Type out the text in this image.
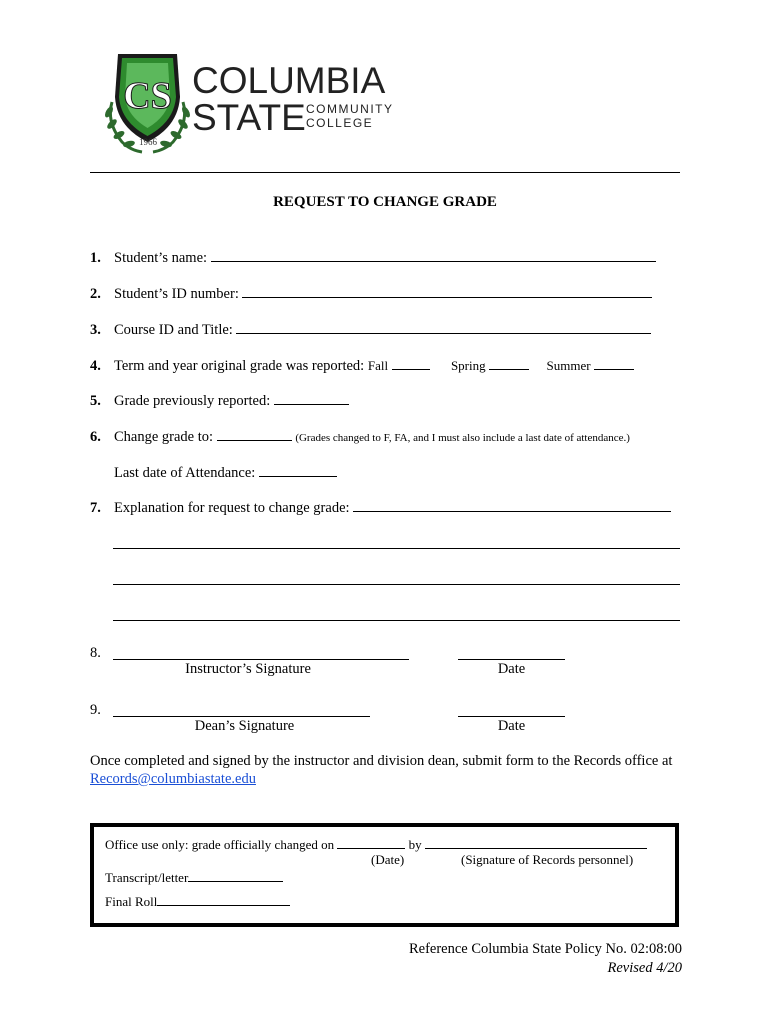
CS COLUMBIA
STATE COMMUNITY
COLLEGE
1966
REQUEST TO CHANGE GRADE
1. Student’s name:
2. Student’s ID number:
3. Course ID and Title:
4. Term and year original grade was reported: Fall	Spring	Summer
5. Grade previously reported:
6. Change grade to:	(Grades changed to F, FA, and I must also include a last date of attendance.)
Last date of Attendance:
7. Explanation for request to change grade:
8.
Instructor’s Signature	Date
9.
Dean’s Signature	Date
Once completed and signed by the instructor and division dean, submit form to the Records office at Records@columbiastate.edu
Office use only: grade officially changed on	by
(Date)	(Signature of Records personnel)
Transcript/letter
Final Roll
Reference Columbia State Policy No. 02:08:00
Revised 4/20
